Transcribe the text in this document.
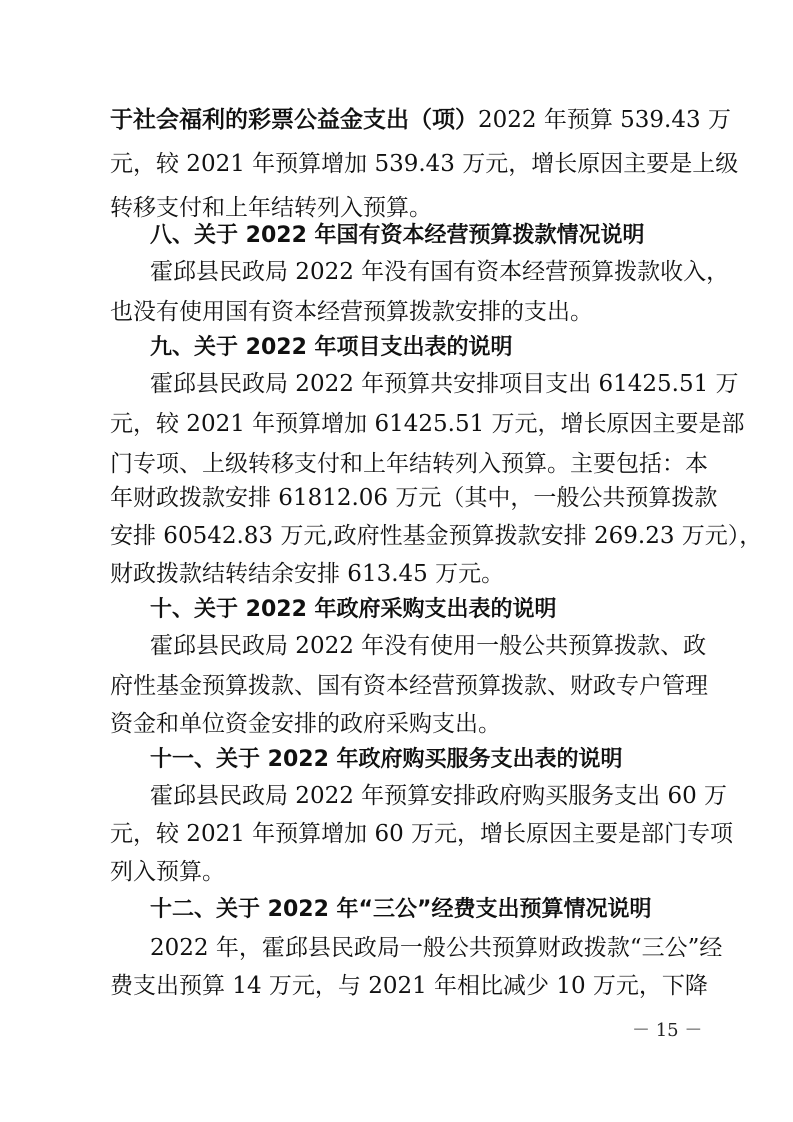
于社会福利的彩票公益金支出（项） 2022 年预算 539.43 万
元，较 2021 年预算增加 539.43 万元，增长原因主要是上级
转移支付和上年结转列入预算。
八、关于 2022 年国有资本经营预算拨款情况说明
霍邱县民政局 2022 年没有国有资本经营预算拨款收入，
也没有使用国有资本经营预算拨款安排的支出。
九、关于 2022 年项目支出表的说明
霍邱县民政局 2022 年预算共安排项目支出 61425.51 万
元，较 2021 年预算增加 61425.51 万元，增长原因主要是部
门专项、上级转移支付和上年结转列入预算。主要包括：本
年财政拨款安排 61812.06 万元（其中，一般公共预算拨款
安排 60542.83 万元,政府性基金预算拨款安排 269.23 万元），
财政拨款结转结余安排 613.45 万元。
十、关于 2022 年政府采购支出表的说明
霍邱县民政局 2022 年没有使用一般公共预算拨款、政
府性基金预算拨款、国有资本经营预算拨款、财政专户管理
资金和单位资金安排的政府采购支出。
十一、关于 2022 年政府购买服务支出表的说明
霍邱县民政局 2022 年预算安排政府购买服务支出 60 万
元，较 2021 年预算增加 60 万元，增长原因主要是部门专项
列入预算。
十二、关于 2022 年“三公”经费支出预算情况说明
2022 年，霍邱县民政局一般公共预算财政拨款“三公”经
费支出预算 14 万元，与 2021 年相比减少 10 万元，下降
－ 15 －
